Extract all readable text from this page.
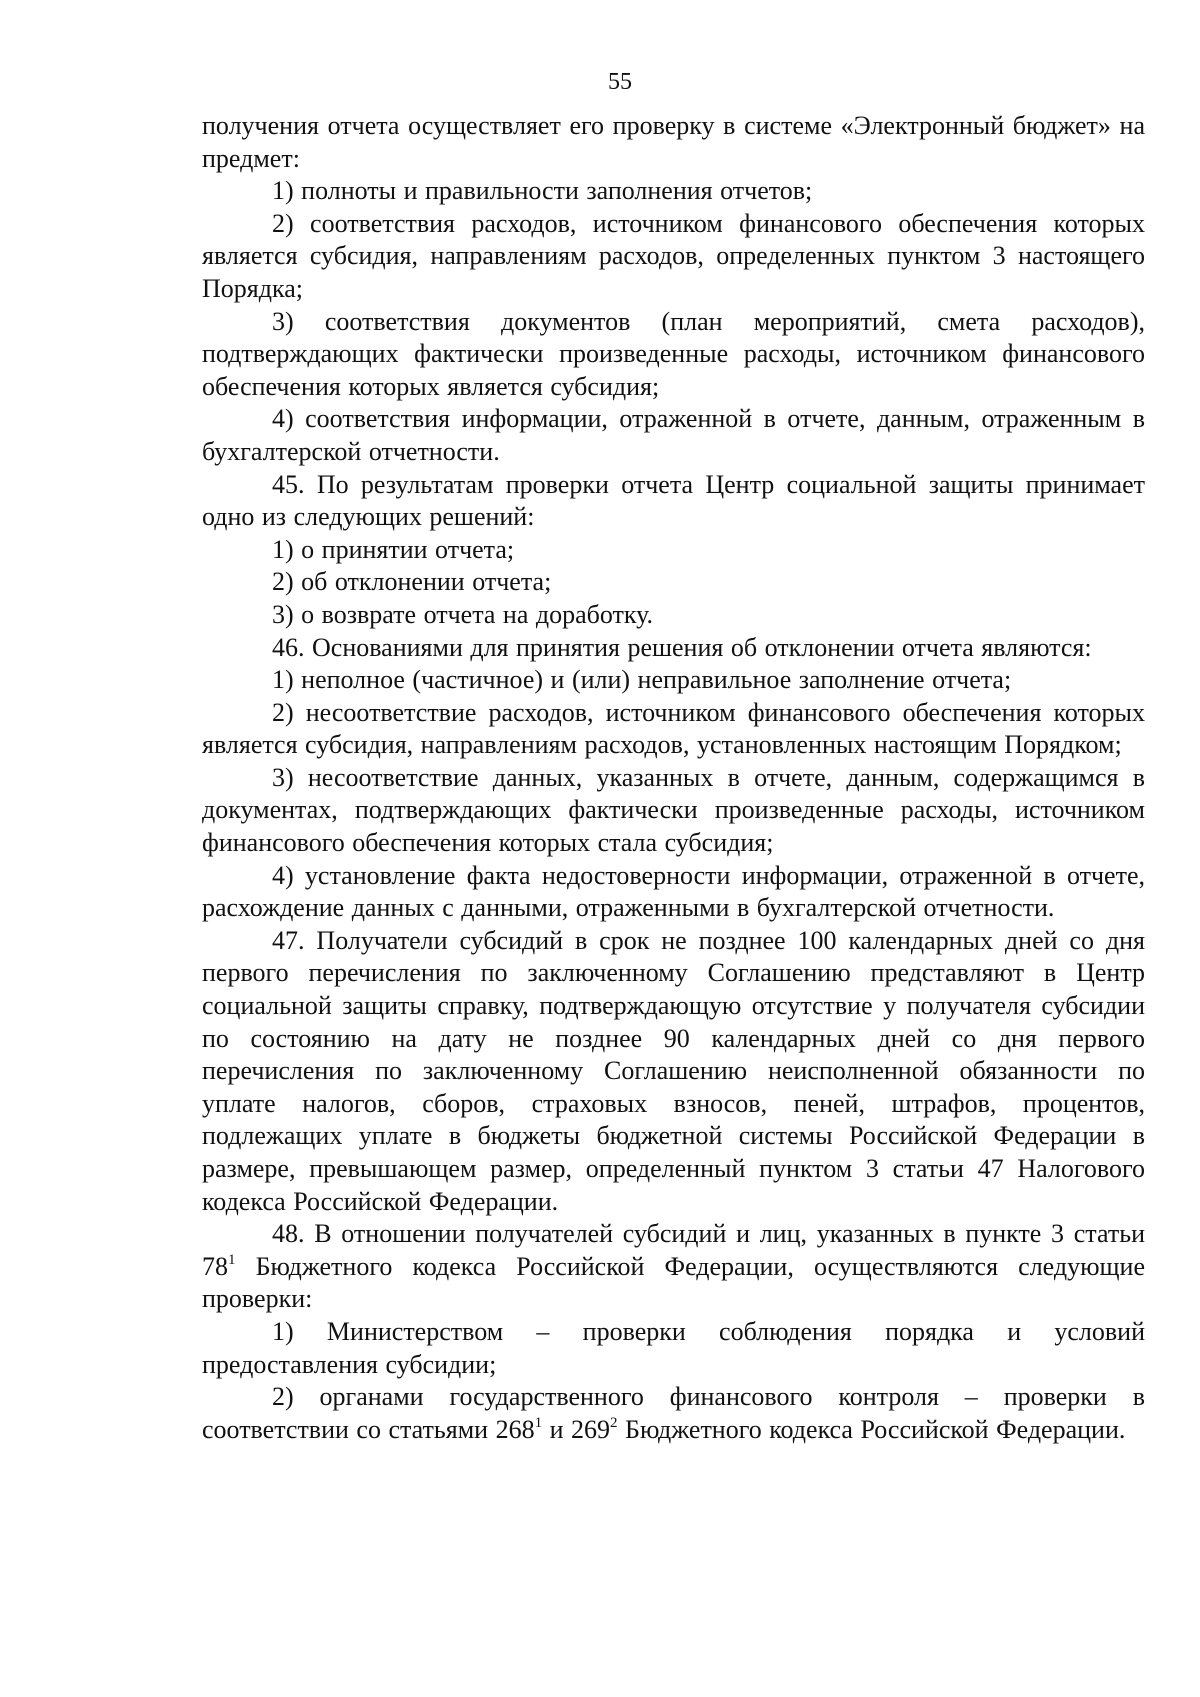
55

получения отчета осуществляет его проверку в системе «Электронный бюджет» на предмет:

1) полноты и правильности заполнения отчетов;

2) соответствия расходов, источником финансового обеспечения которых является субсидия, направлениям расходов, определенных пунктом 3 настоящего Порядка;

3) соответствия документов (план мероприятий, смета расходов), подтверждающих фактически произведенные расходы, источником финансового обеспечения которых является субсидия;

4) соответствия информации, отраженной в отчете, данным, отраженным в бухгалтерской отчетности.

45. По результатам проверки отчета Центр социальной защиты принимает одно из следующих решений:

1) о принятии отчета;

2) об отклонении отчета;

3) о возврате отчета на доработку.

46. Основаниями для принятия решения об отклонении отчета являются:

1) неполное (частичное) и (или) неправильное заполнение отчета;

2) несоответствие расходов, источником финансового обеспечения которых является субсидия, направлениям расходов, установленных настоящим Порядком;

3) несоответствие данных, указанных в отчете, данным, содержащимся в документах, подтверждающих фактически произведенные расходы, источником финансового обеспечения которых стала субсидия;

4) установление факта недостоверности информации, отраженной в отчете, расхождение данных с данными, отраженными в бухгалтерской отчетности.

47. Получатели субсидий в срок не позднее 100 календарных дней со дня первого перечисления по заключенному Соглашению представляют в Центр социальной защиты справку, подтверждающую отсутствие у получателя субсидии по состоянию на дату не позднее 90 календарных дней со дня первого перечисления по заключенному Соглашению неисполненной обязанности по уплате налогов, сборов, страховых взносов, пеней, штрафов, процентов, подлежащих уплате в бюджеты бюджетной системы Российской Федерации в размере, превышающем размер, определенный пунктом 3 статьи 47 Налогового кодекса Российской Федерации.

48. В отношении получателей субсидий и лиц, указанных в пункте 3 статьи $78^1$ Бюджетного кодекса Российской Федерации, осуществляются следующие проверки:

1) Министерством – проверки соблюдения порядка и условий предоставления субсидии;

2) органами государственного финансового контроля – проверки в соответствии со статьями $268^1$ и $269^2$ Бюджетного кодекса Российской Федерации.
